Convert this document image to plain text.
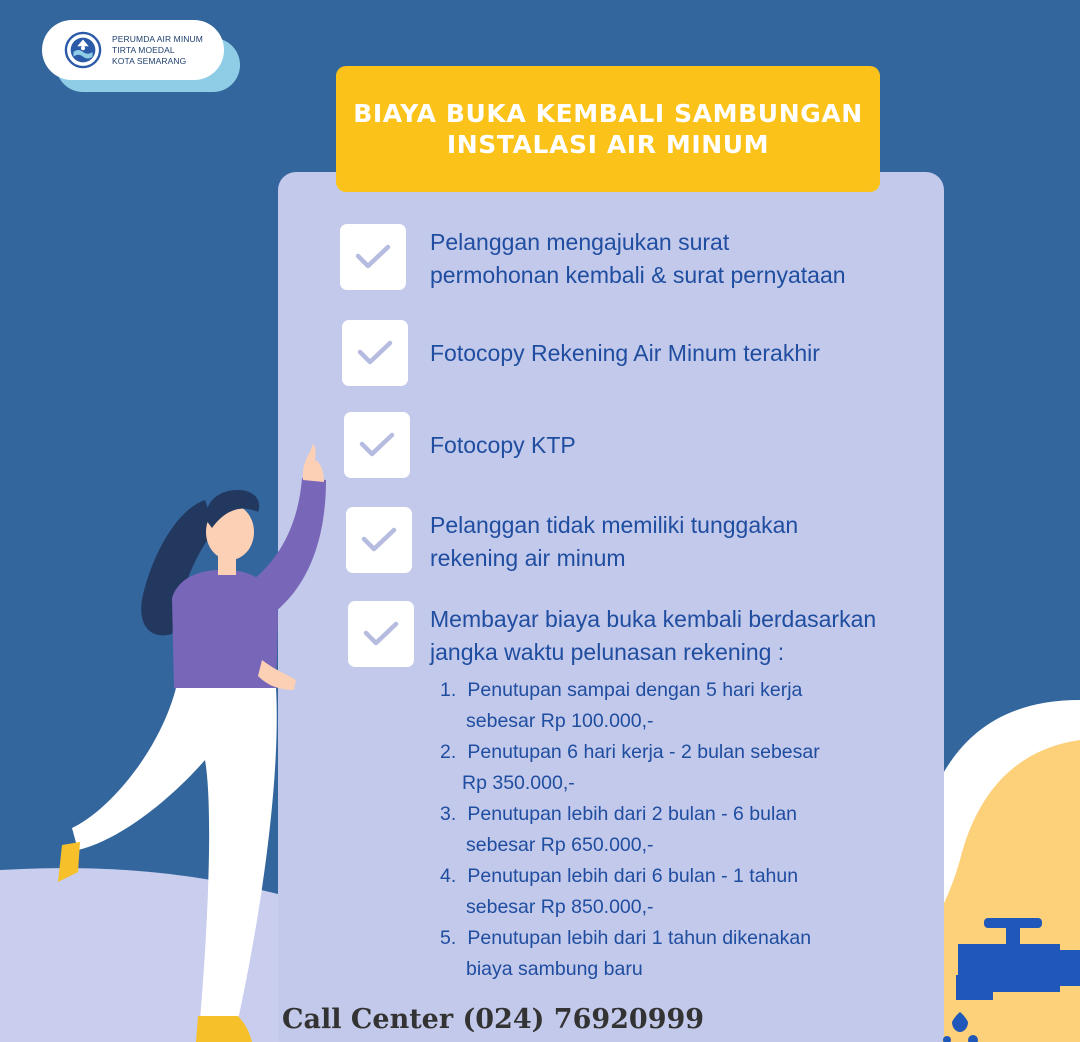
PERUMDA AIR MINUM
TIRTA MOEDAL
KOTA SEMARANG
BIAYA BUKA KEMBALI SAMBUNGAN
INSTALASI AIR MINUM
Pelanggan mengajukan surat
permohonan kembali & surat pernyataan
Fotocopy Rekening Air Minum terakhir
Fotocopy KTP
Pelanggan tidak memiliki tunggakan
rekening air minum
Membayar biaya buka kembali berdasarkan
jangka waktu pelunasan rekening :
1. Penutupan sampai dengan 5 hari kerja
sebesar Rp 100.000,-
2. Penutupan 6 hari kerja - 2 bulan sebesar
Rp 350.000,-
3. Penutupan lebih dari 2 bulan - 6 bulan
sebesar Rp 650.000,-
4. Penutupan lebih dari 6 bulan - 1 tahun
sebesar Rp 850.000,-
5. Penutupan lebih dari 1 tahun dikenakan
biaya sambung baru
Call Center (024) 76920999
